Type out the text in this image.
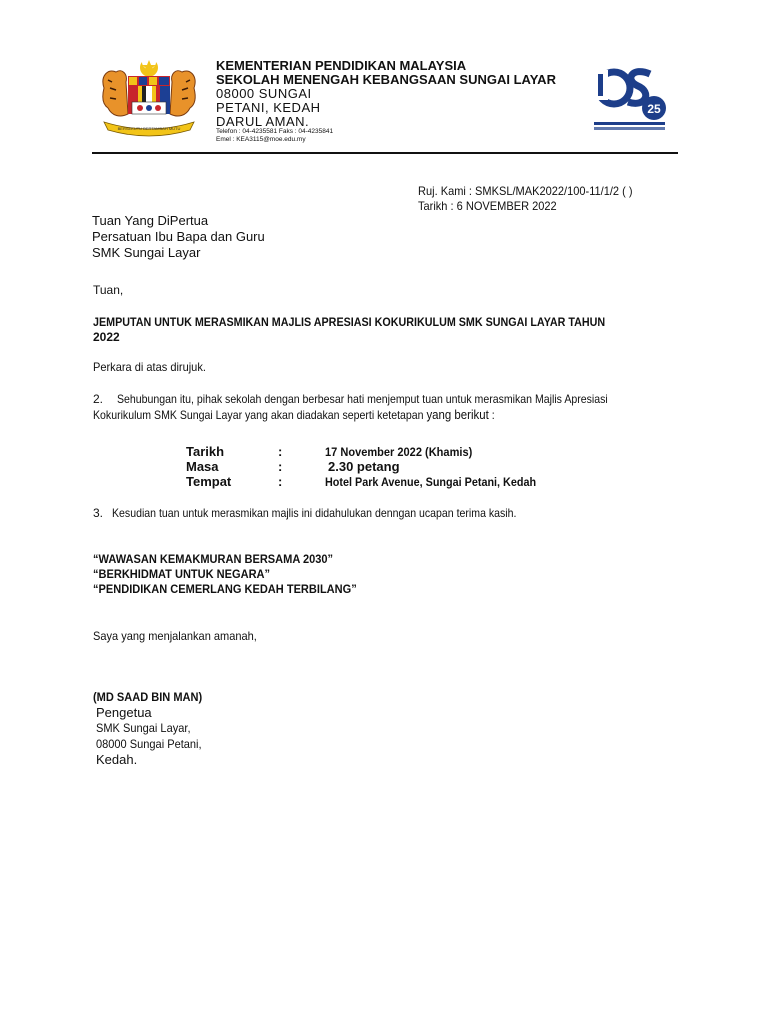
BERSEKUTU BERTAMBAH MUTU
KEMENTERIAN PENDIDIKAN MALAYSIA
SEKOLAH MENENGAH KEBANGSAAN SUNGAI LAYAR
08000 SUNGAI
PETANI, KEDAH
DARUL AMAN.
Telefon : 04-4235581 Faks : 04-4235841
Emel : KEA3115@moe.edu.my
25
Ruj. Kami : SMKSL/MAK2022/100-11/1/2 ( )
Tarikh : 6 NOVEMBER 2022
Tuan Yang DiPertua
Persatuan Ibu Bapa dan Guru
SMK Sungai Layar
Tuan,
JEMPUTAN UNTUK MERASMIKAN MAJLIS APRESIASI KOKURIKULUM SMK SUNGAI LAYAR TAHUN
2022
Perkara di atas dirujuk.
2. Sehubungan itu, pihak sekolah dengan berbesar hati menjemput tuan untuk merasmikan Majlis Apresiasi
Kokurikulum SMK Sungai Layar yang akan diadakan seperti ketetapan yang berikut :
Tarikh	:	17 November 2022 (Khamis)
Masa	:	2.30 petang
Tempat	:	Hotel Park Avenue, Sungai Petani, Kedah
3. Kesudian tuan untuk merasmikan majlis ini didahulukan denngan ucapan terima kasih.
“WAWASAN KEMAKMURAN BERSAMA 2030”
“BERKHIDMAT UNTUK NEGARA”
“PENDIDIKAN CEMERLANG KEDAH TERBILANG”
Saya yang menjalankan amanah,
(MD SAAD BIN MAN)
Pengetua
SMK Sungai Layar,
08000 Sungai Petani,
Kedah.
